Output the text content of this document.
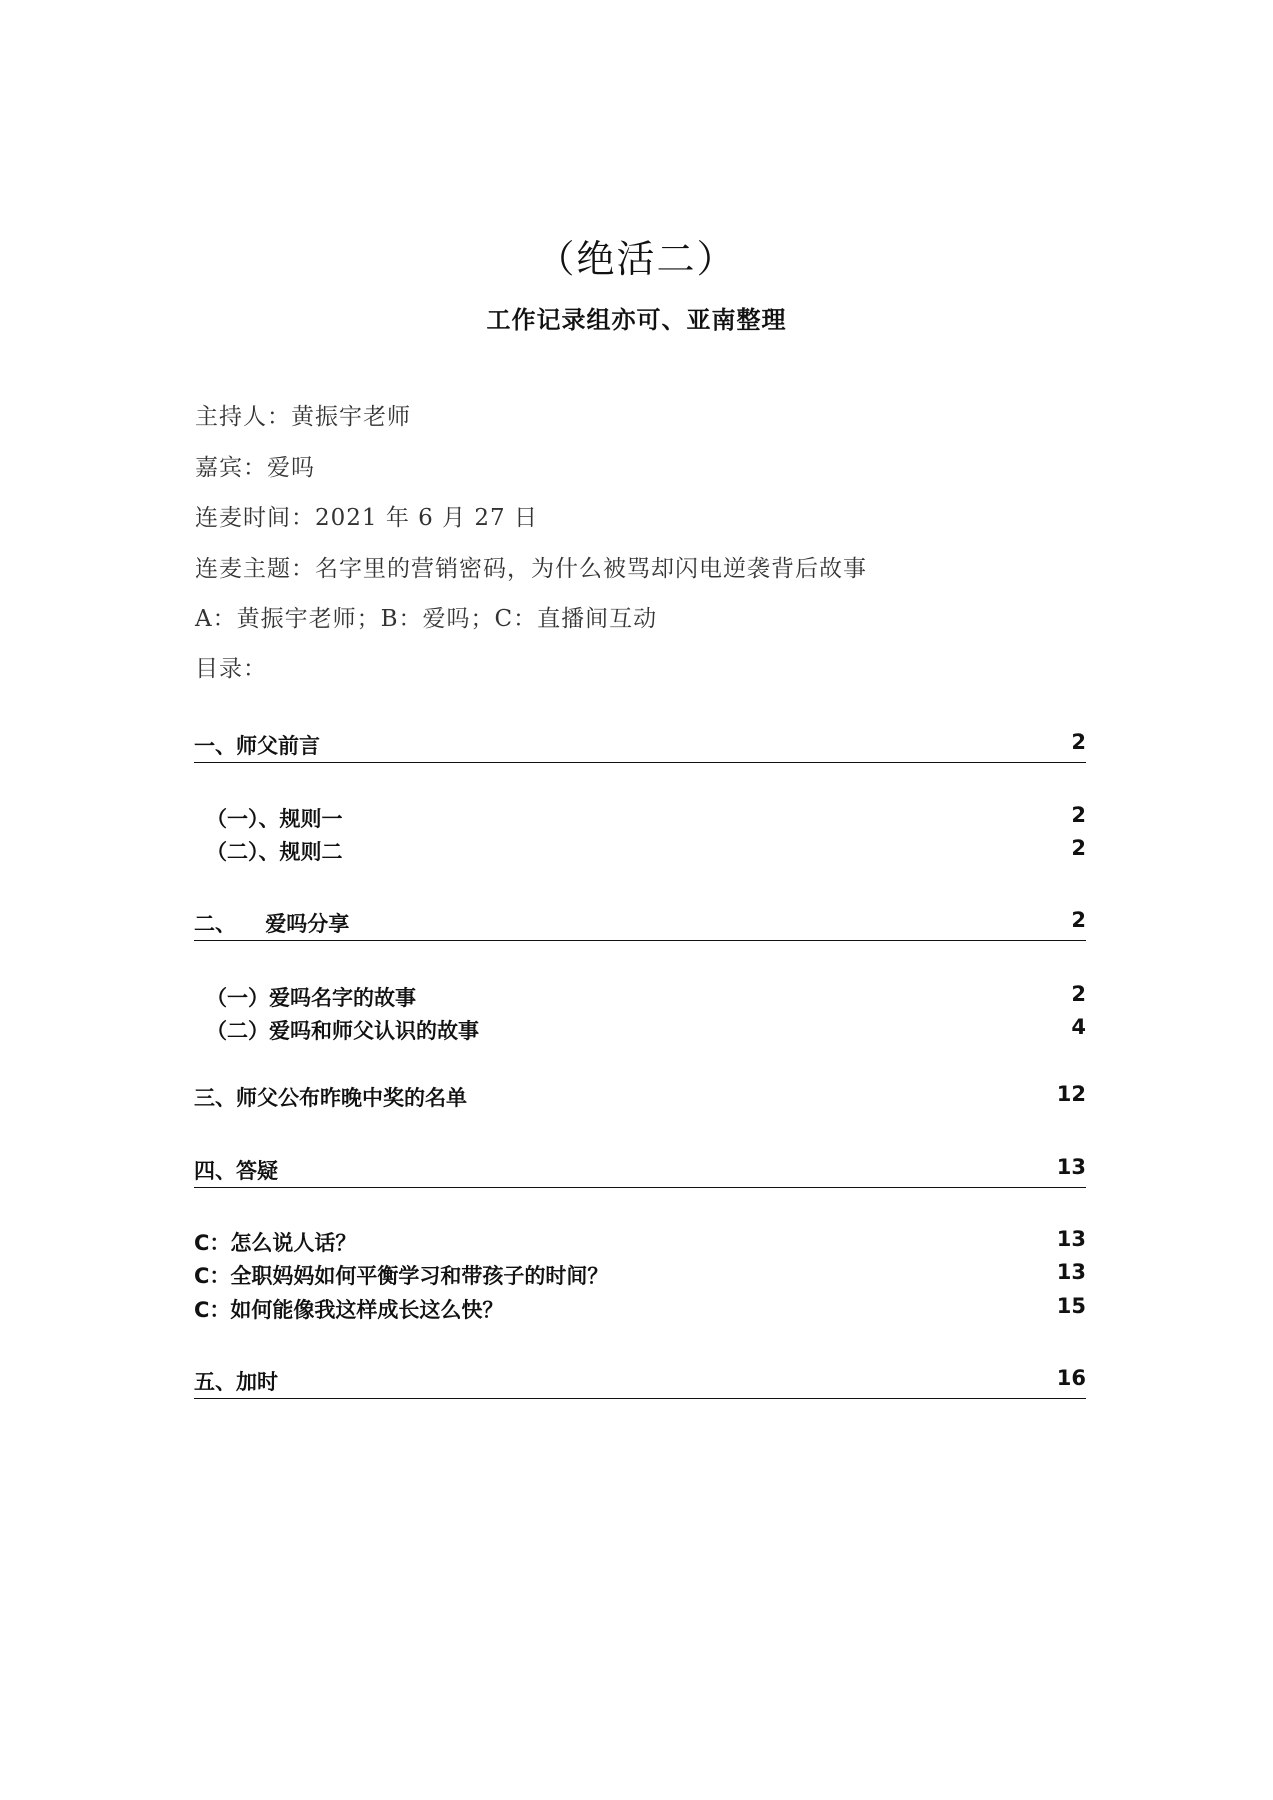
（绝活二）
工作记录组亦可、亚南整理
主持人：黄振宇老师
嘉宾：爱吗
连麦时间：2021 年 6 月 27 日
连麦主题：名字里的营销密码，为什么被骂却闪电逆袭背后故事
A：黄振宇老师；B：爱吗；C：直播间互动
目录：
一、师父前言	2
（一）、规则一	2
（二）、规则二	2
二、    爱吗分享	2
（一）爱吗名字的故事	2
（二）爱吗和师父认识的故事	4
三、师父公布昨晚中奖的名单	12
四、答疑	13
C：怎么说人话？	13
C：全职妈妈如何平衡学习和带孩子的时间？	13
C：如何能像我这样成长这么快？	15
五、加时	16
